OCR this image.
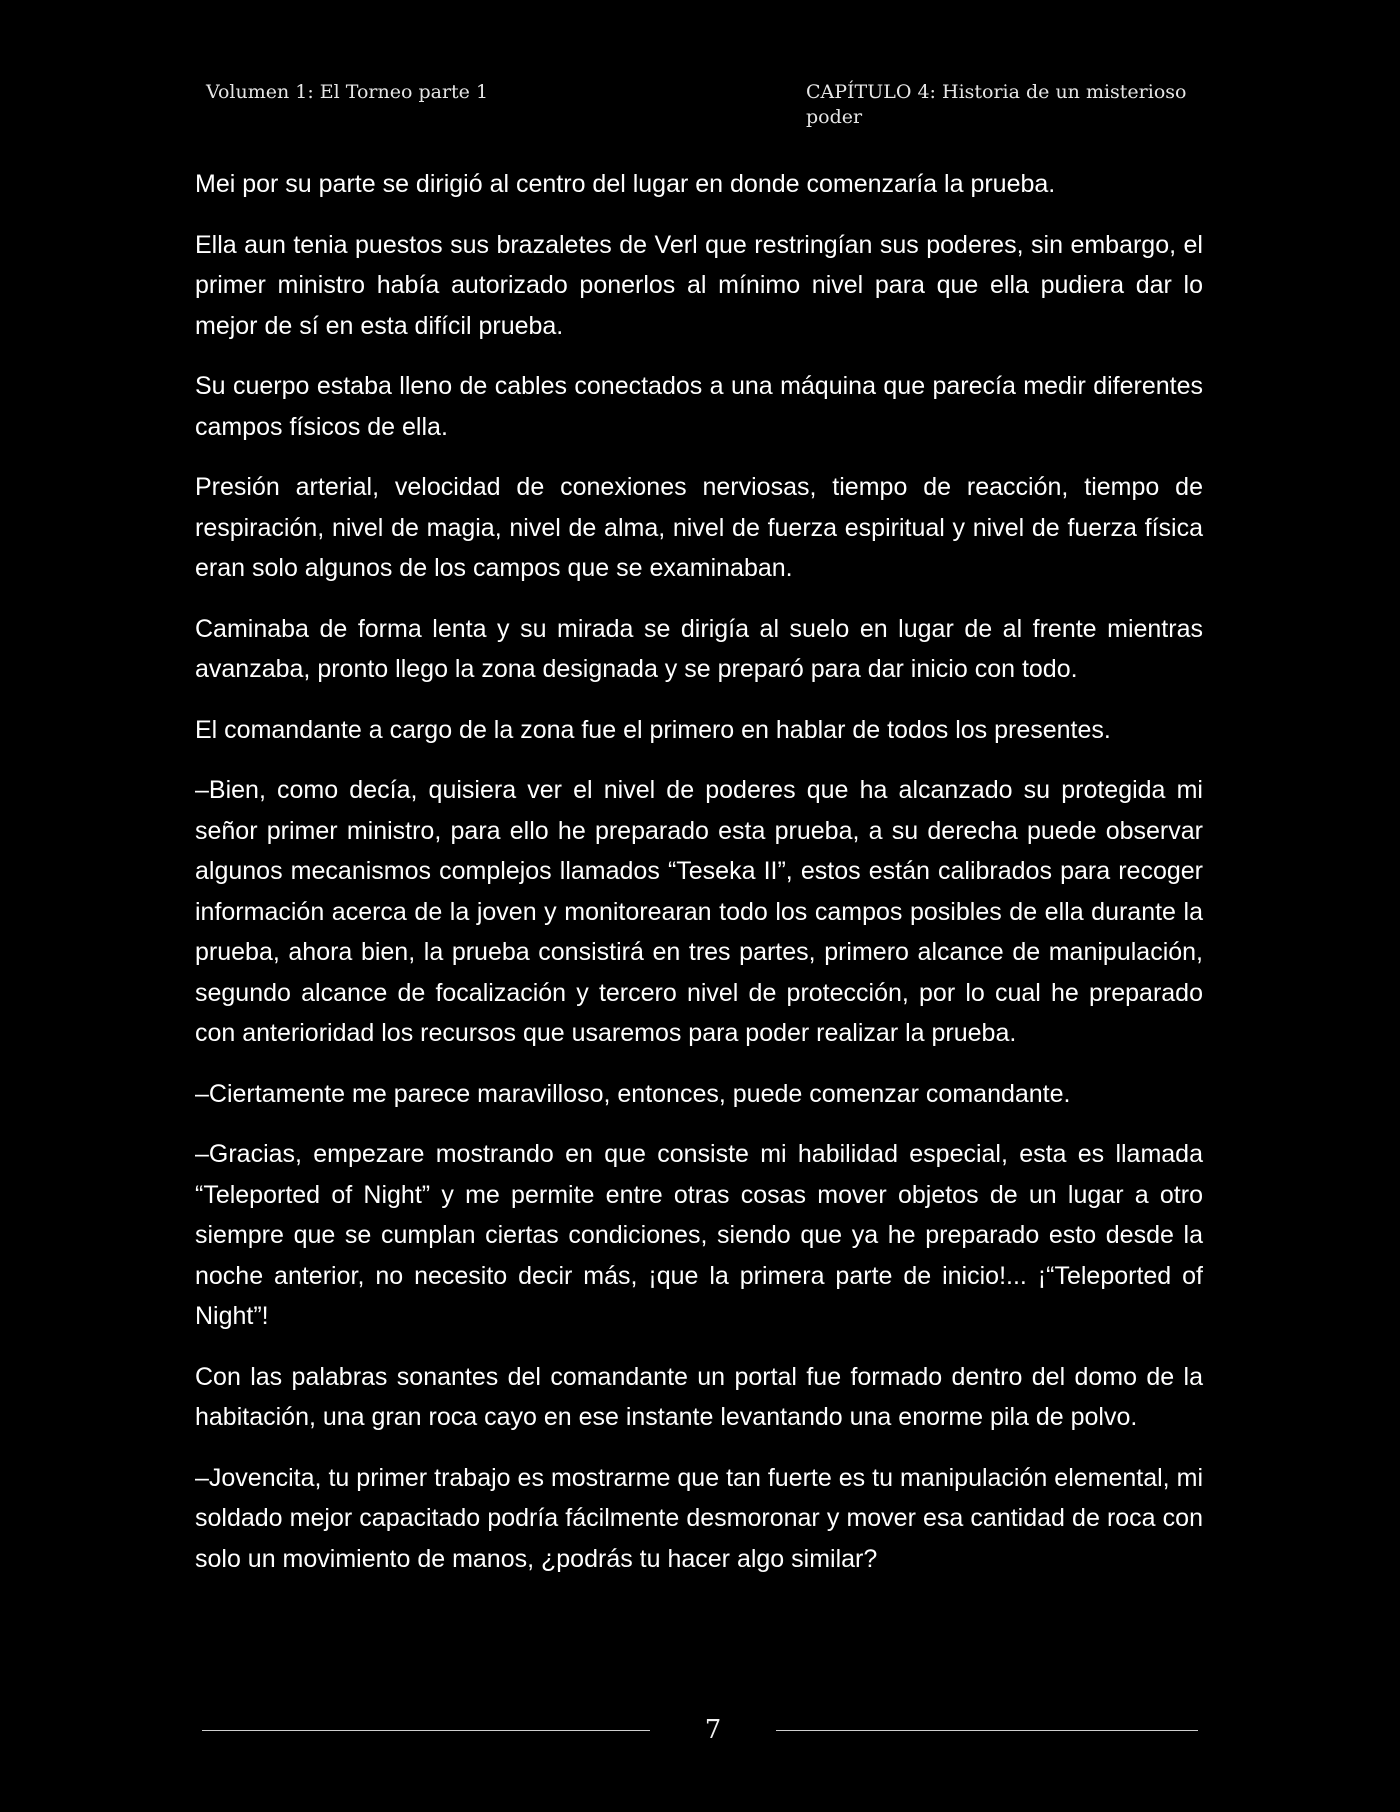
Volumen 1: El Torneo parte 1	CAPÍTULO 4: Historia de un misterioso poder

Mei por su parte se dirigió al centro del lugar en donde comenzaría la prueba.

Ella aun tenia puestos sus brazaletes de Verl que restringían sus poderes, sin embargo, el primer ministro había autorizado ponerlos al mínimo nivel para que ella pudiera dar lo mejor de sí en esta difícil prueba.

Su cuerpo estaba lleno de cables conectados a una máquina que parecía medir diferentes campos físicos de ella.

Presión arterial, velocidad de conexiones nerviosas, tiempo de reacción, tiempo de respiración, nivel de magia, nivel de alma, nivel de fuerza espiritual y nivel de fuerza física eran solo algunos de los campos que se examinaban.

Caminaba de forma lenta y su mirada se dirigía al suelo en lugar de al frente mientras avanzaba, pronto llego la zona designada y se preparó para dar inicio con todo.

El comandante a cargo de la zona fue el primero en hablar de todos los presentes.

–Bien, como decía, quisiera ver el nivel de poderes que ha alcanzado su protegida mi señor primer ministro, para ello he preparado esta prueba, a su derecha puede observar algunos mecanismos complejos llamados “Teseka II”, estos están calibrados para recoger información acerca de la joven y monitorearan todo los campos posibles de ella durante la prueba, ahora bien, la prueba consistirá en tres partes, primero alcance de manipulación, segundo alcance de focalización y tercero nivel de protección, por lo cual he preparado con anterioridad los recursos que usaremos para poder realizar la prueba.

–Ciertamente me parece maravilloso, entonces, puede comenzar comandante.

–Gracias, empezare mostrando en que consiste mi habilidad especial, esta es llamada “Teleported of Night” y me permite entre otras cosas mover objetos de un lugar a otro siempre que se cumplan ciertas condiciones, siendo que ya he preparado esto desde la noche anterior, no necesito decir más, ¡que la primera parte de inicio!... ¡“Teleported of Night”!

Con las palabras sonantes del comandante un portal fue formado dentro del domo de la habitación, una gran roca cayo en ese instante levantando una enorme pila de polvo.

–Jovencita, tu primer trabajo es mostrarme que tan fuerte es tu manipulación elemental, mi soldado mejor capacitado podría fácilmente desmoronar y mover esa cantidad de roca con solo un movimiento de manos, ¿podrás tu hacer algo similar?

7
